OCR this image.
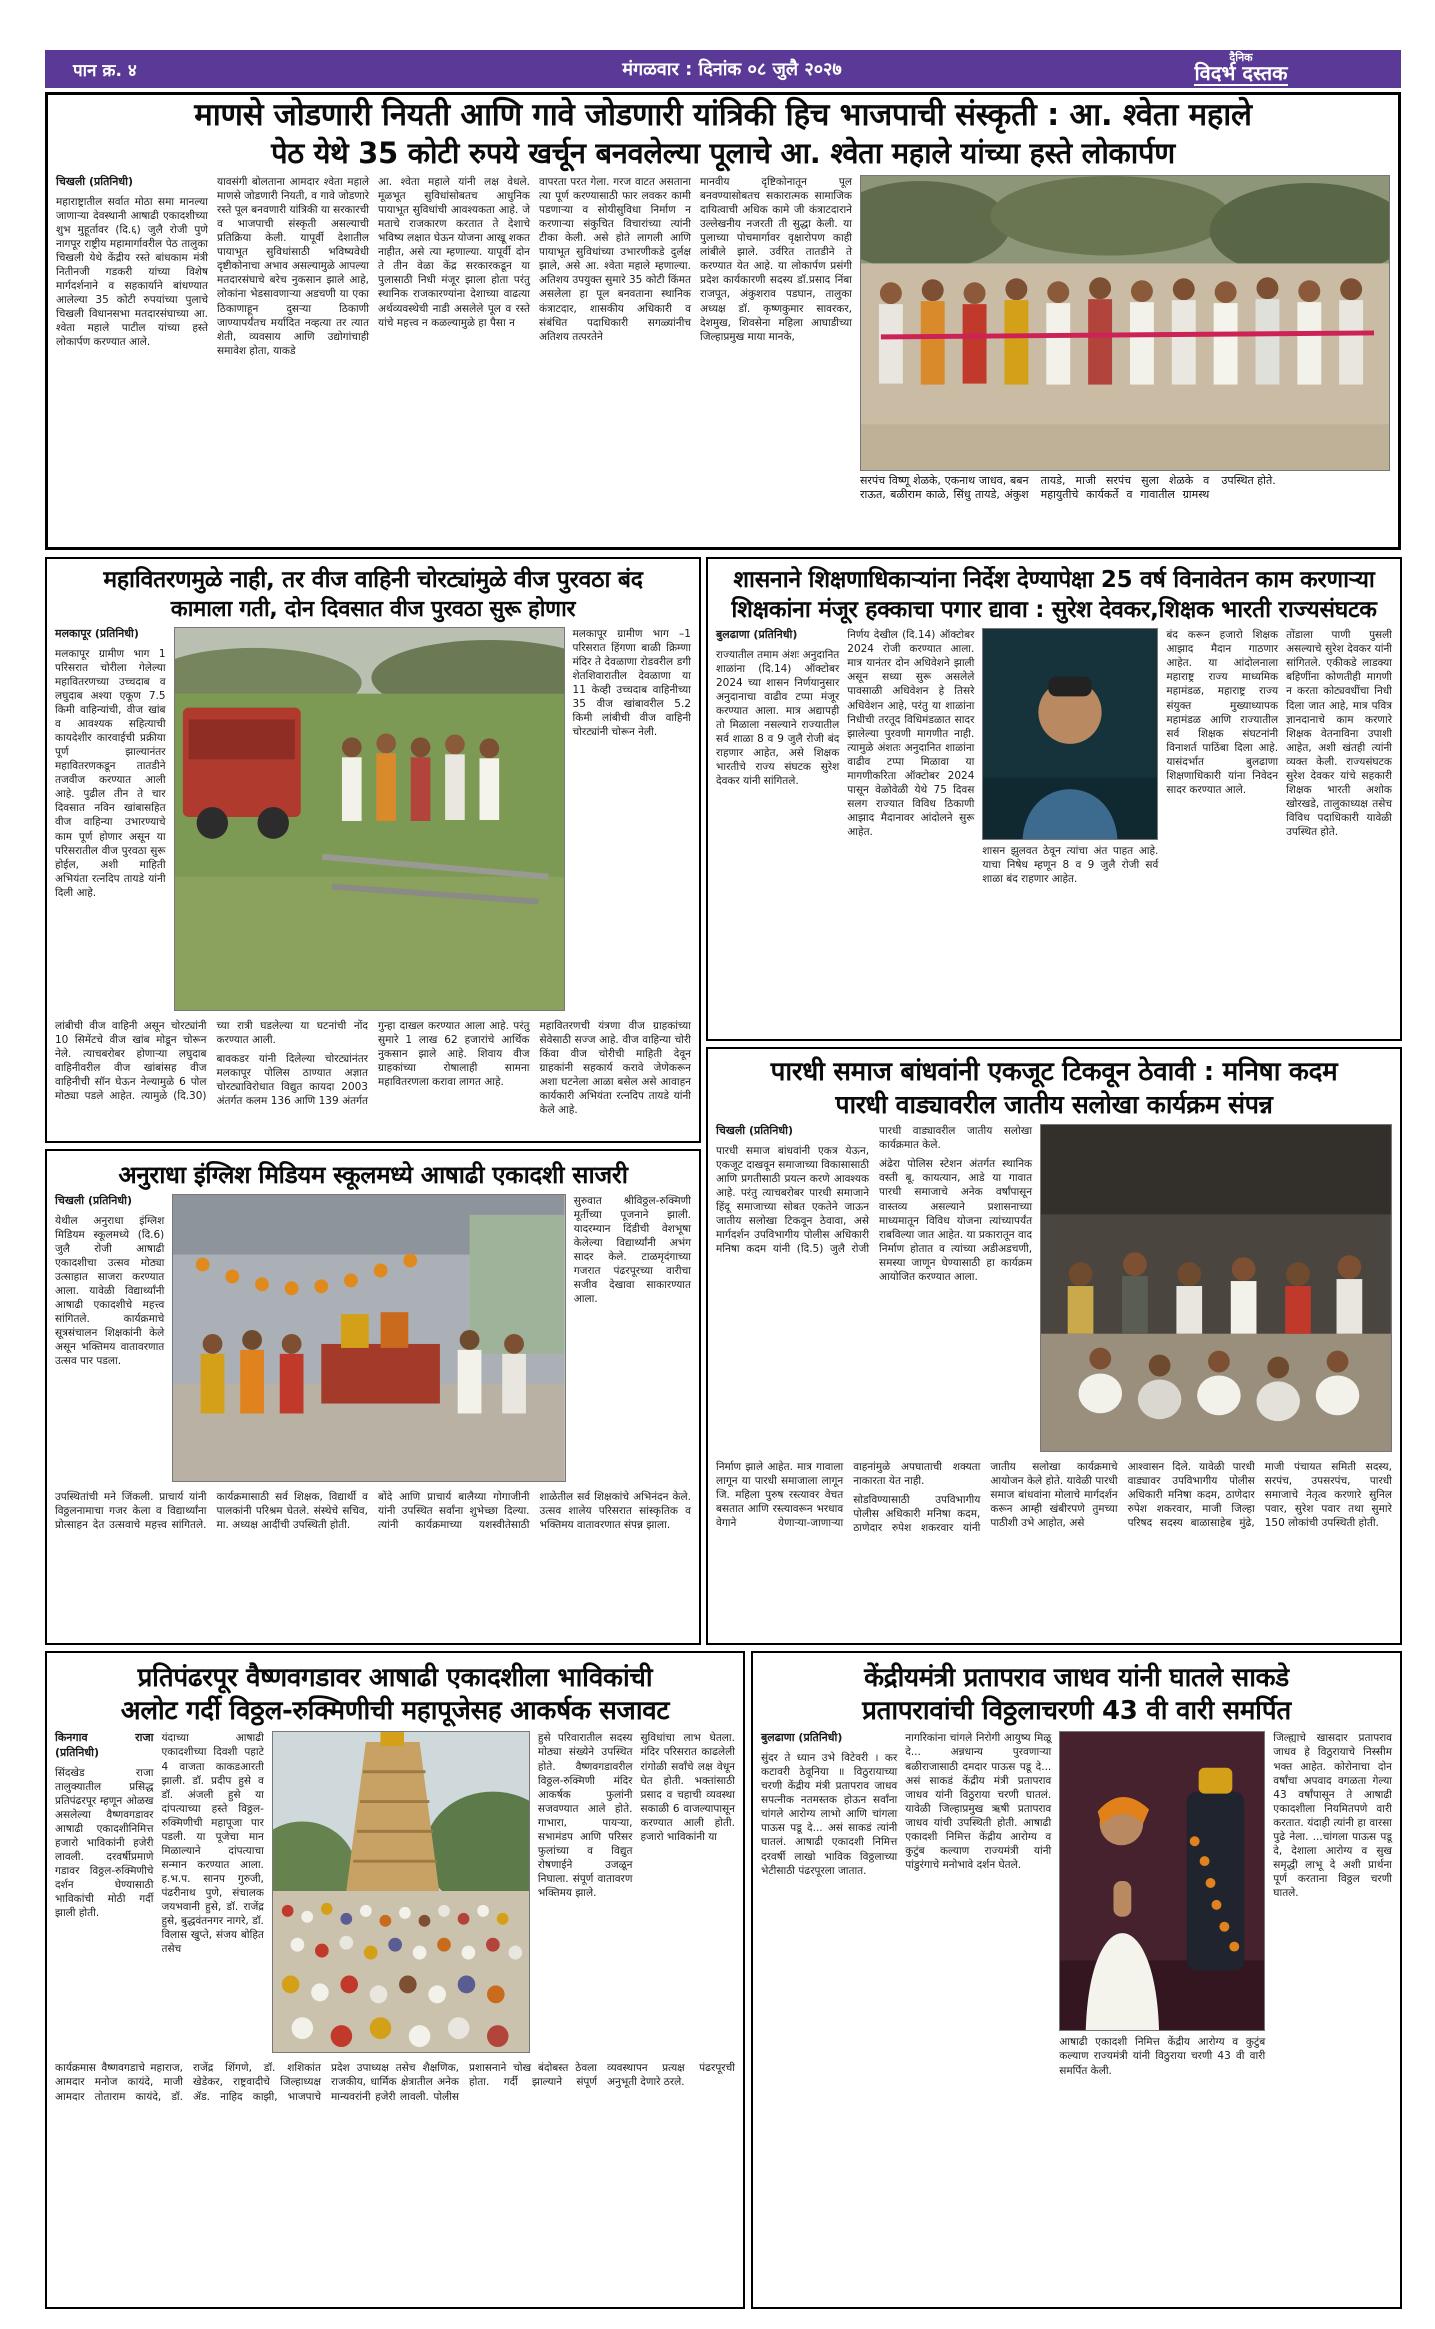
पान क्र. ४	मंगळवार : दिनांक ०८ जुलै २०२७
दैनिक
विदर्भ दस्तक
माणसे जोडणारी नियती आणि गावे जोडणारी यांत्रिकी हिच भाजपाची संस्कृती : आ. श्वेता महाले
पेठ येथे 35 कोटी रुपये खर्चून बनवलेल्या पूलाचे आ. श्वेता महाले यांच्या हस्ते लोकार्पण

चिखली (प्रतिनिधी)

महाराष्ट्रातील सर्वात मोठा समा मानल्या जाणाऱ्या देवस्थानी आषाढी एकादशीच्या शुभ मुहूर्तावर (दि.६) जुलै रोजी पुणे नागपूर राष्ट्रीय महामार्गावरील पेठ तालुका चिखली येथे केंद्रीय रस्ते बांधकाम मंत्री नितीनजी गडकरी यांच्या विशेष मार्गदर्शनाने व सहकार्याने बांधण्यात आलेल्या 35 कोटी रुपयांच्या पुलाचे चिखली विधानसभा मतदारसंघाच्या आ. श्वेता महाले पाटील यांच्या हस्ते लोकार्पण करण्यात आले.

यावसंगी बोलताना आमदार श्वेता महाले माणसे जोडणारी नियती, व गावे जोडणारे रस्ते पूल बनवणारी यांत्रिकी या सरकारची व भाजपाची संस्कृती असल्याची प्रतिक्रिया केली. यापूर्वी देशातील पायाभूत सुविधांसाठी भविष्यवेधी दृष्टीकोनाचा अभाव असल्यामुळे आपल्या मतदारसंघाचे बरेच नुकसान झाले आहे, लोकांना भेडसावणाऱ्या अडचणी या एका ठिकाणाहून दुसऱ्या ठिकाणी जाण्यापर्यंतच मर्यादित नव्हत्या तर त्यात शेती, व्यवसाय आणि उद्योगांचाही समावेश होता, याकडे

आ. श्वेता महाले यांनी लक्ष वेधले. मूळभूत सुविधांसोबतच आधुनिक पायाभूत सुविधांची आवश्यकता आहे. जे मताचे राजकारण करतात ते देशाचे भविष्य लक्षात घेऊन योजना आखू शकत नाहीत, असे त्या म्हणाल्या. यापूर्वी दोन ते तीन वेळा केंद्र सरकारकडून या पुलासाठी निधी मंजूर झाला होता परंतु स्थानिक राजकारण्यांना देशाच्या वाढत्या अर्थव्यवस्थेची नाडी असलेले पूल व रस्ते यांचे महत्त्व न कळल्यामुळे हा पैसा न

वापरता परत गेला. गरज वाटत असताना त्या पूर्ण करण्यासाठी फार लवकर कामी पडणाऱ्या व सोयीसुविधा निर्माण न करणाऱ्या संकुचित विचारांच्या त्यांनी टीका केली. असे होते लागली आणि पायाभूत सुविधांच्या उभारणीकडे दुर्लक्ष झाले, असे आ. श्वेता महाले म्हणाल्या. अतिशय उपयुक्त सुमारे 35 कोटी किंमत असलेला हा पूल बनवताना स्थानिक कंत्राटदार, शासकीय अधिकारी व संबंधित पदाधिकारी सगळ्यांनीच अतिशय तत्परतेने

मानवीय दृष्टिकोनातून पूल बनवण्यासोबतच सकारात्मक सामाजिक दायित्वाची अधिक कामे जी कंत्राटदाराने उल्लेखनीय नजरती ती सुद्धा केली. या पुलाच्या पोचमार्गावर वृक्षारोपण काही लांबीले झाले. उर्वरित तातडीने ते करण्यात येत आहे. या लोकार्पण प्रसंगी प्रदेश कार्यकारणी सदस्य डॉ.प्रसाद निंबा राजपूत, अंकुशराव पडघान, तालुका अध्यक्ष डॉ. कृष्णकुमार सावरकर, देशमुख, शिवसेना महिला आघाडीच्या जिल्हाप्रमुख माया मानके,

सरपंच विष्णू शेळके, एकनाथ जाधव, बबन राऊत, बळीराम काळे, सिंधु तायडे, अंकुश तायडे, माजी सरपंच सुला शेळके व महायुतीचे कार्यकर्ते व गावातील ग्रामस्थ उपस्थित होते.
महावितरणमुळे नाही, तर वीज वाहिनी चोरट्यांमुळे वीज पुरवठा बंद
कामाला गती, दोन दिवसात वीज पुरवठा सुरू होणार

मलकापूर (प्रतिनिधी)

मलकापूर ग्रामीण भाग 1 परिसरात चोरीला गेलेल्या महावितरणच्या उच्चदाब व लघुदाब अश्या एकूण 7.5 किमी वाहिन्यांची, वीज खांब व आवश्यक सहित्याची कायदेशीर कारवाईची प्रक्रीया पूर्ण झाल्यानंतर महावितरणकडून तातडीने तजवीज करण्यात आली आहे. पुढील तीन ते चार दिवसात नविन खांबासहित वीज वाहिन्या उभारण्याचे काम पूर्ण होणार असून या परिसरातील वीज पुरवठा सुरू होईल, अशी माहिती अभियंता रत्नदिप तायडे यांनी दिली आहे.

मलकापूर ग्रामीण भाग –1 परिसरात हिंगणा बाळी क्रिम्णा मंदिर ते देवळाणा रोडवरील डगी शेतशिवारातील देवळाणा या 11 केव्ही उच्चदाब वाहिनीच्या 35 वीज खांबावरील 5.2 किमी लांबीची वीज वाहिनी चोरट्यांनी चोरून नेली.

लांबीची वीज वाहिनी असून चोरट्यांनी 10 सिमेंटचे वीज खांब मोडून चोरून नेले. त्याचबरोबर होणाऱ्या लघुदाब वाहिनीवरील वीज खांबांसह वीज वाहिनीची सॉन घेऊन नेल्यामुळे 6 पोल मोठ्या पडले आहेत. त्यामुळे (दि.30) च्या रात्री घडलेल्या या घटनांची नोंद करण्यात आली.

बावकडर यांनी दिलेल्या चोरट्यांनंतर मलकापूर पोलिस ठाण्यात अज्ञात चोरट्याविरोधात विद्युत कायदा 2003 अंतर्गत कलम 136 आणि 139 अंतर्गत गुन्हा दाखल करण्यात आला आहे. परंतु सुमारे 1 लाख 62 हजारांचे आर्थिक नुकसान झाले आहे. शिवाय वीज ग्राहकांच्या रोषालाही सामना महावितरणला करावा लागत आहे.

महावितरणची यंत्रणा वीज ग्राहकांच्या सेवेसाठी सज्ज आहे. वीज वाहिन्या चोरी किंवा वीज चोरीची माहिती देवून ग्राहकांनी सहकार्य करावे जेणेकरून अशा घटनेला आळा बसेल असे आवाहन कार्यकारी अभियंता रत्नदिप तायडे यांनी केले आहे.

शासनाने शिक्षणाधिकाऱ्यांना निर्देश देण्यापेक्षा 25 वर्ष विनावेतन काम करणाऱ्या
शिक्षकांना मंजूर हक्काचा पगार द्यावा : सुरेश देवकर,शिक्षक भारती राज्यसंघटक

बुलढाणा (प्रतिनिधी)

राज्यातील तमाम अंशः अनुदानित शाळांना (दि.14) ऑक्टोबर 2024 च्या शासन निर्णयानुसार अनुदानाचा वाढीव टप्पा मंजूर करण्यात आला. मात्र अद्यापही तो मिळाला नसल्याने राज्यातील सर्व शाळा 8 व 9 जुलै रोजी बंद राहणार आहेत, असे शिक्षक भारतीचे राज्य संघटक सुरेश देवकर यांनी सांगितले.

निर्णय देखील (दि.14) ऑक्टोबर 2024 रोजी करण्यात आला. मात्र यानंतर दोन अधिवेशने झाली असून सध्या सुरू असलेले पावसाळी अधिवेशन हे तिसरे अधिवेशन आहे, परंतु या शाळांना निधीची तरतूद विधिमंडळात सादर झालेल्या पुरवणी मागणीत नाही. त्यामुळे अंशतः अनुदानित शाळांना वाढीव टप्पा मिळावा या मागणीकरिता ऑक्टोबर 2024 पासून वेळोवेळी येथे 75 दिवस सलग राज्यात विविध ठिकाणी आझाद मैदानावर आंदोलने सुरू आहेत.

शासन झुलवत ठेवून त्यांचा अंत पाहत आहे. याचा निषेध म्हणून 8 व 9 जुलै रोजी सर्व शाळा बंद राहणार आहेत.

बंद करून हजारो शिक्षक आझाद मैदान गाठणार आहेत. या आंदोलनाला महाराष्ट्र राज्य माध्यमिक महामंडळ, महाराष्ट्र राज्य संयुक्त मुख्याध्यापक महामंडळ आणि राज्यातील सर्व शिक्षक संघटनांनी विनाशर्त पाठिंबा दिला आहे. यासंदर्भात बुलढाणा शिक्षणाधिकारी यांना निवेदन सादर करण्यात आले.

तोंडाला पाणी पुसली असल्याचे सुरेश देवकर यांनी सांगितले. एकीकडे लाडक्या बहिणींना कोणतीही मागणी न करता कोट्यवधींचा निधी दिला जात आहे, मात्र पवित्र ज्ञानदानाचे काम करणारे शिक्षक वेतनाविना उपाशी आहेत, अशी खंतही त्यांनी व्यक्त केली. राज्यसंघटक सुरेश देवकर यांचे सहकारी शिक्षक भारती अशोक खोरखडे, तालुकाध्यक्ष तसेच विविध पदाधिकारी यावेळी उपस्थित होते.

पारधी समाज बांधवांनी एकजूट टिकवून ठेवावी : मनिषा कदम
पारधी वाड्यावरील जातीय सलोखा कार्यक्रम संपन्न

चिखली (प्रतिनिधी)

पारधी समाज बांधवांनी एकत्र येऊन, एकजूट दाखवून समाजाच्या विकासासाठी आणि प्रगतीसाठी प्रयत्न करणे आवश्यक आहे. परंतु त्याचबरोबर पारधी समाजाने हिंदू समाजाच्या सोबत एकतेने जाऊन जातीय सलोखा टिकवून ठेवावा, असे मार्गदर्शन उपविभागीय पोलीस अधिकारी मनिषा कदम यांनी (दि.5) जुलै रोजी पारधी वाड्यावरील जातीय सलोखा कार्यक्रमात केले.

अंढेरा पोलिस स्टेशन अंतर्गत स्थानिक वस्ती बू. कायत्यान, आडे या गावात पारधी समाजाचे अनेक वर्षांपासून वास्तव्य असल्याने प्रशासनाच्या माध्यमातून विविध योजना त्यांच्यापर्यंत राबविल्या जात आहेत. या प्रकारातून वाद निर्माण होतात व त्यांच्या अडीअडचणी, समस्या जाणून घेण्यासाठी हा कार्यक्रम आयोजित करण्यात आला.

निर्माण झाले आहेत. मात्र गावाला लागून या पारधी समाजाला लागून जि. महिला पुरुष रस्त्यावर वेचत बसतात आणि रस्त्यावरून भरधाव वेगाने येणाऱ्या-जाणाऱ्या वाहनांमुळे अपघाताची शक्यता नाकारता येत नाही.

सोडविण्यासाठी उपविभागीय पोलीस अधिकारी मनिषा कदम, ठाणेदार रुपेश शकरवार यांनी जातीय सलोखा कार्यक्रमाचे आयोजन केले होते. यावेळी पारधी समाज बांधवांना मोलाचे मार्गदर्शन करून आम्ही खंबीरपणे तुमच्या पाठीशी उभे आहोत, असे

आश्वासन दिले. यावेळी पारधी वाड्यावर उपविभागीय पोलीस अधिकारी मनिषा कदम, ठाणेदार रुपेश शकरवार, माजी जिल्हा परिषद सदस्य बाळासाहेब मुंढे, माजी पंचायत समिती सदस्य, सरपंच, उपसरपंच, पारधी समाजाचे नेतृत्व करणारे सुनिल पवार, सुरेश पवार तथा सुमारे 150 लोकांची उपस्थिती होती.

अनुराधा इंग्लिश मिडियम स्कूलमध्ये आषाढी एकादशी साजरी

चिखली (प्रतिनिधी)

येथील अनुराधा इंग्लिश मिडियम स्कूलमध्ये (दि.6) जुलै रोजी आषाढी एकादशीचा उत्सव मोठ्या उत्साहात साजरा करण्यात आला. यावेळी विद्यार्थ्यांनी आषाढी एकादशीचे महत्त्व सांगितले. कार्यक्रमाचे सूत्रसंचालन शिक्षकांनी केले असून भक्तिमय वातावरणात उत्सव पार पडला.

सुरुवात श्रीविठ्ठल-रुक्मिणी मूर्तीच्या पूजनाने झाली. यादरम्यान दिंडीची वेशभूषा केलेल्या विद्यार्थ्यांनी अभंग सादर केले. टाळमृदंगाच्या गजरात पंढरपूरच्या वारीचा सजीव देखावा साकारण्यात आला.

उपस्थितांची मने जिंकली. प्राचार्य यांनी विठ्ठलनामाचा गजर केला व विद्यार्थ्यांना प्रोत्साहन देत उत्सवाचे महत्त्व सांगितले. कार्यक्रमासाठी सर्व शिक्षक, विद्यार्थी व पालकांनी परिश्रम घेतले. संस्थेचे सचिव, मा. अध्यक्ष आदींची उपस्थिती होती.

बोंदे आणि प्राचार्य बालैय्या गोगाजीनी यांनी उपस्थित सर्वांना शुभेच्छा दिल्या. त्यांनी कार्यक्रमाच्या यशस्वीतेसाठी शाळेतील सर्व शिक्षकांचे अभिनंदन केले. उत्सव शालेय परिसरात सांस्कृतिक व भक्तिमय वातावरणात संपन्न झाला.

प्रतिपंढरपूर वैष्णवगडावर आषाढी एकादशीला भाविकांची
अलोट गर्दी विठ्ठल-रुक्मिणीची महापूजेसह आकर्षक सजावट

किनगाव राजा (प्रतिनिधी)

सिंदखेड राजा तालुक्यातील प्रसिद्ध प्रतिपंढरपूर म्हणून ओळख असलेल्या वैष्णवगडावर आषाढी एकादशीनिमित्त हजारो भाविकांनी हजेरी लावली. दरवर्षीप्रमाणे गडावर विठ्ठल-रुक्मिणीचे दर्शन घेण्यासाठी भाविकांची मोठी गर्दी झाली होती.

यंदाच्या आषाढी एकादशीच्या दिवशी पहाटे 4 वाजता काकडआरती झाली. डॉ. प्रदीप हुसे व डॉ. अंजली हुसे या दांपत्याच्या हस्ते विठ्ठल-रुक्मिणीची महापूजा पार पडली. या पूजेचा मान मिळाल्याने दांपत्याचा सन्मान करण्यात आला. ह.भ.प. सानप गुरुजी, पंढरीनाथ पुणे, संचालक जयभवानी हुसे, डॉ. राजेंद्र हुसे, बुद्धवंतनगर नागरे, डॉ. विलास खुप्ते, संजय बोहित तसेच

हुसे परिवारातील सदस्य मोठ्या संख्येने उपस्थित होते. वैष्णवगडावरील विठ्ठल-रुक्मिणी मंदिर आकर्षक फुलांनी सजवण्यात आले होते. गाभारा, पायऱ्या, सभामंडप आणि परिसर फुलांच्या व विद्युत रोषणाईने उजळून निघाला. संपूर्ण वातावरण भक्तिमय झाले.

सुविधांचा लाभ घेतला. मंदिर परिसरात काढलेली रांगोळी सर्वांचे लक्ष वेधून घेत होती. भक्तांसाठी प्रसाद व चहाची व्यवस्था सकाळी 6 वाजल्यापासून करण्यात आली होती. हजारो भाविकांनी या

कार्यक्रमास वैष्णवगडाचे महाराज, आमदार मनोज कायंदे, माजी आमदार तोताराम कायंदे, डॉ. राजेंद्र शिंगणे, डॉ. शशिकांत खेडेकर, राष्ट्रवादीचे जिल्हाध्यक्ष ॲड. नाहिद काझी, भाजपाचे प्रदेश उपाध्यक्ष तसेच शैक्षणिक, राजकीय, धार्मिक क्षेत्रातील अनेक मान्यवरांनी हजेरी लावली. पोलीस प्रशासनाने चोख बंदोबस्त ठेवला होता. गर्दी झाल्याने संपूर्ण व्यवस्थापन प्रत्यक्ष पंढरपूरची अनुभूती देणारे ठरले.

केंद्रीयमंत्री प्रतापराव जाधव यांनी घातले साकडे
प्रतापरावांची विठ्ठलाचरणी 43 वी वारी समर्पित

बुलढाणा (प्रतिनिधी)

सुंदर ते ध्यान उभे विटेवरी । कर कटावरी ठेवूनिया ॥ विठुरायाच्या चरणी केंद्रीय मंत्री प्रतापराव जाधव सपत्नीक नतमस्तक होऊन सर्वांना चांगले आरोग्य लाभो आणि चांगला पाऊस पडू दे... असं साकडं त्यांनी घातलं. आषाढी एकादशी निमित्त दरवर्षी लाखो भाविक विठ्ठलाच्या भेटीसाठी पंढरपूरला जातात.

नागरिकांना चांगले निरोगी आयुष्य मिळू दे... अन्नधान्य पुरवणाऱ्या बळीराजासाठी दमदार पाऊस पडू दे... असं साकडं केंद्रीय मंत्री प्रतापराव जाधव यांनी विठुराया चरणी घातलं. यावेळी जिल्हाप्रमुख ऋषी प्रतापराव जाधव यांची उपस्थिती होती. आषाढी एकादशी निमित्त केंद्रीय आरोग्य व कुटुंब कल्याण राज्यमंत्री यांनी पांडुरंगाचे मनोभावे दर्शन घेतले.

आषाढी एकादशी निमित्त केंद्रीय आरोग्य व कुटुंब कल्याण राज्यमंत्री यांनी विठुराया चरणी 43 वी वारी समर्पित केली.

जिल्ह्याचे खासदार प्रतापराव जाधव हे विठुरायाचे निस्सीम भक्त आहेत. कोरोनाचा दोन वर्षांचा अपवाद वगळता गेल्या 43 वर्षांपासून ते आषाढी एकादशीला नियमितपणे वारी करतात. यंदाही त्यांनी हा वारसा पुढे नेला. ...चांगला पाऊस पडू दे, देशाला आरोग्य व सुख समृद्धी लाभू दे अशी प्रार्थना पूर्ण करताना विठ्ठल चरणी घातले.
